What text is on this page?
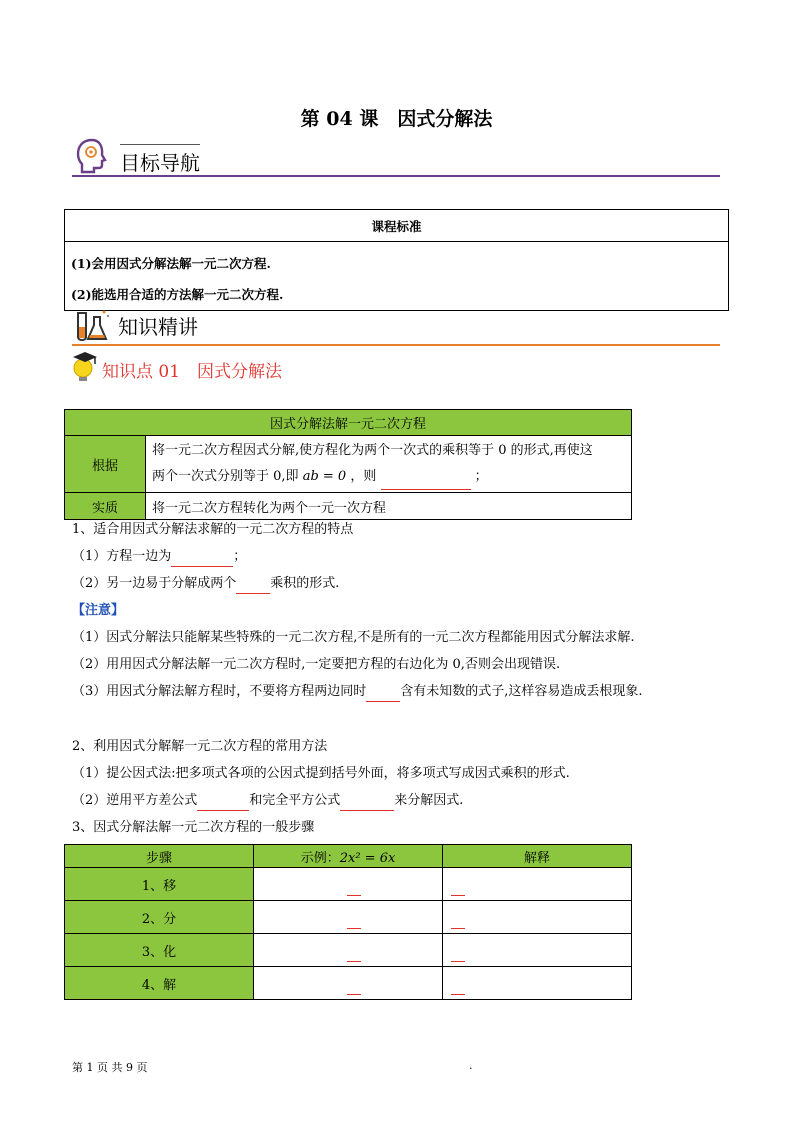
第 04 课　因式分解法
目标导航
课程标准

(1)会用因式分解法解一元二次方程.
(2)能选用合适的方法解一元二次方程.
知识精讲
知识点 01　因式分解法
因式分解法解一元二次方程	
根据	将一元二次方程因式分解,使方程化为两个一次式的乘积等于 0 的形式,再使这
两个一次式分别等于 0,即 ab = 0 ，则 ；

实质	将一元二次方程转化为两个一元一次方程
1、适合用因式分解法求解的一元二次方程的特点
（1）方程一边为	；
（2）另一边易于分解成两个	乘积的形式.
【注意】
（1）因式分解法只能解某些特殊的一元二次方程,不是所有的一元二次方程都能用因式分解法求解.
（2）用用因式分解法解一元二次方程时,一定要把方程的右边化为 0,否则会出现错误.
（3）用因式分解法解方程时，不要将方程两边同时	含有未知数的式子,这样容易造成丢根现象.
2、利用因式分解解一元二次方程的常用方法
（1）提公因式法:把多项式各项的公因式提到括号外面，将多项式写成因式乘积的形式.
（2）逆用平方差公式	和完全平方公式	来分解因式.
3、因式分解法解一元二次方程的一般步骤
步骤	示例：2x² = 6x	解释
1、移		
2、分		
3、化		
4、解		
第 1 页 共 9 页	.
